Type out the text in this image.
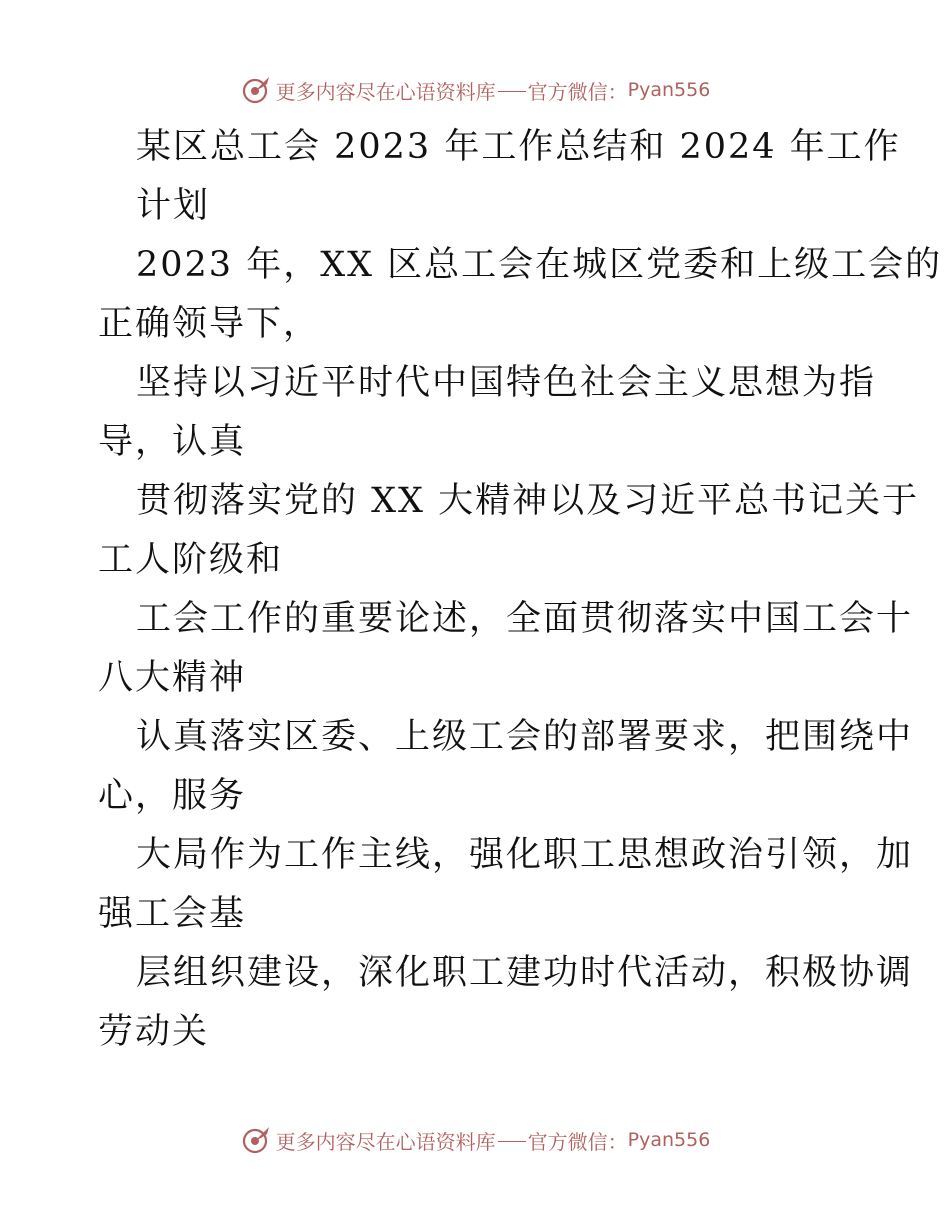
更多内容尽在心语资料库 官方微信： Pyan556
某区总工会 2023 年工作总结和 2024 年工作
计划
2023 年，XX 区总工会在城区党委和上级工会的
正确领导下，
坚持以习近平时代中国特色社会主义思想为指
导，认真
贯彻落实党的 XX 大精神以及习近平总书记关于
工人阶级和
工会工作的重要论述，全面贯彻落实中国工会十
八大精神
认真落实区委、上级工会的部署要求，把围绕中
心，服务
大局作为工作主线，强化职工思想政治引领，加
强工会基
层组织建设，深化职工建功时代活动，积极协调
劳动关
更多内容尽在心语资料库 官方微信： Pyan556
